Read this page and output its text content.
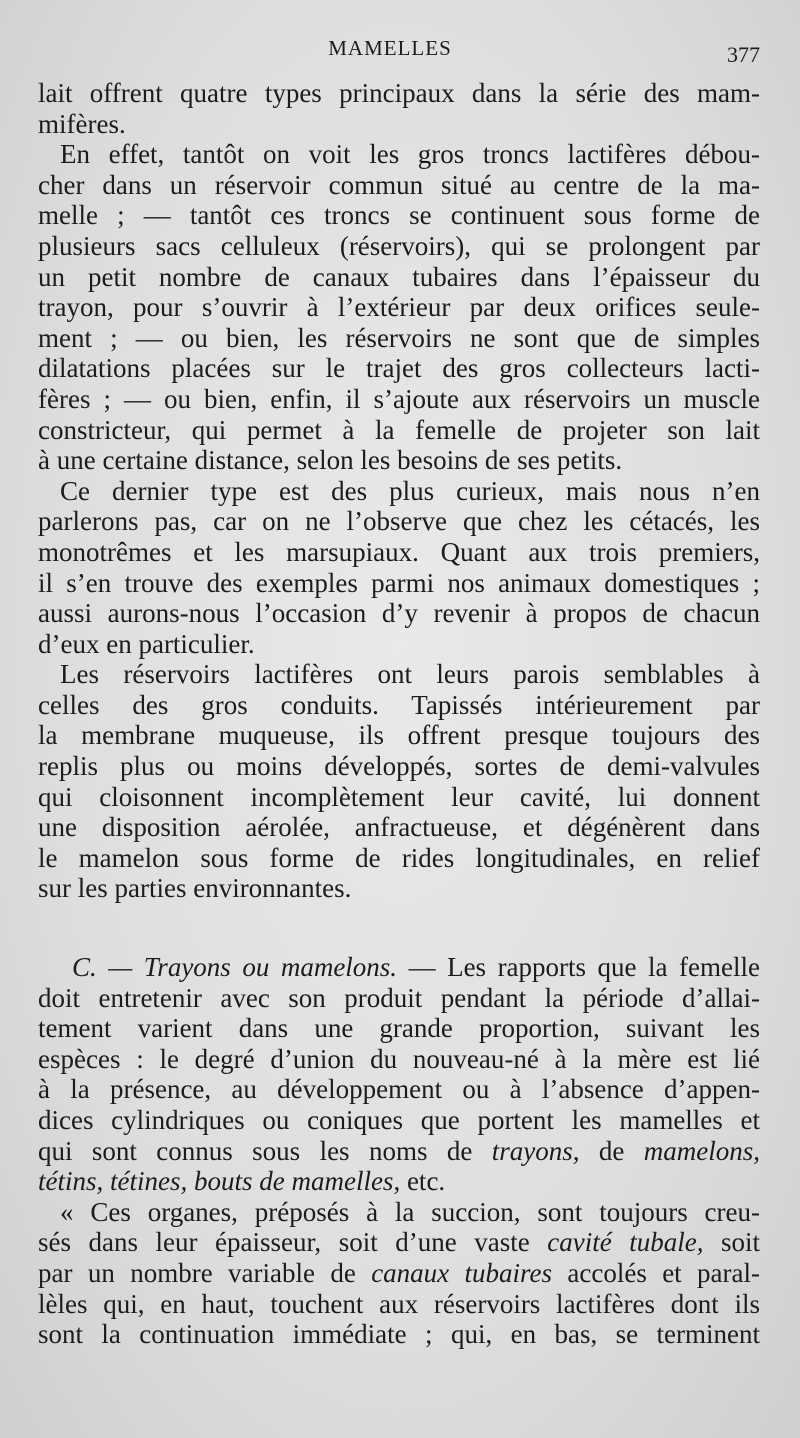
MAMELLES	377
lait offrent quatre types principaux dans la série des mam-
mifères.
En effet, tantôt on voit les gros troncs lactifères débou-
cher dans un réservoir commun situé au centre de la ma-
melle ; — tantôt ces troncs se continuent sous forme de
plusieurs sacs celluleux (réservoirs), qui se prolongent par
un petit nombre de canaux tubaires dans l’épaisseur du
trayon, pour s’ouvrir à l’extérieur par deux orifices seule-
ment ; — ou bien, les réservoirs ne sont que de simples
dilatations placées sur le trajet des gros collecteurs lacti-
fères ; — ou bien, enfin, il s’ajoute aux réservoirs un muscle
constricteur, qui permet à la femelle de projeter son lait
à une certaine distance, selon les besoins de ses petits.
Ce dernier type est des plus curieux, mais nous n’en
parlerons pas, car on ne l’observe que chez les cétacés, les
monotrêmes et les marsupiaux. Quant aux trois premiers,
il s’en trouve des exemples parmi nos animaux domestiques ;
aussi aurons-nous l’occasion d’y revenir à propos de chacun
d’eux en particulier.
Les réservoirs lactifères ont leurs parois semblables à
celles des gros conduits. Tapissés intérieurement par
la membrane muqueuse, ils offrent presque toujours des
replis plus ou moins développés, sortes de demi-valvules
qui cloisonnent incomplètement leur cavité, lui donnent
une disposition aérolée, anfractueuse, et dégénèrent dans
le mamelon sous forme de rides longitudinales, en relief
sur les parties environnantes.
C. — Trayons ou mamelons. — Les rapports que la femelle
doit entretenir avec son produit pendant la période d’allai-
tement varient dans une grande proportion, suivant les
espèces : le degré d’union du nouveau-né à la mère est lié
à la présence, au développement ou à l’absence d’appen-
dices cylindriques ou coniques que portent les mamelles et
qui sont connus sous les noms de trayons, de mamelons,
tétins, tétines, bouts de mamelles, etc.
« Ces organes, préposés à la succion, sont toujours creu-
sés dans leur épaisseur, soit d’une vaste cavité tubale, soit
par un nombre variable de canaux tubaires accolés et paral-
lèles qui, en haut, touchent aux réservoirs lactifères dont ils
sont la continuation immédiate ; qui, en bas, se terminent
